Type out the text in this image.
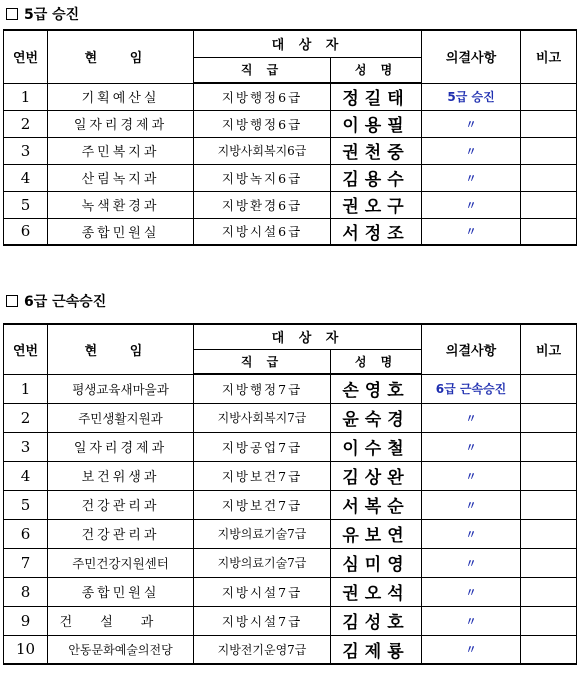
5급 승진
연번	현 임	대 상 자		의결사항	비고
		직 급	성 명		
1	기획예산실	지방행정6급	정길태	5급 승진	
2	일자리경제과	지방행정6급	이용필	〃	
3	주민복지과	지방사회복지6급	권천중	〃	
4	산림녹지과	지방녹지6급	김용수	〃	
5	녹색환경과	지방환경6급	권오구	〃	
6	종합민원실	지방시설6급	서정조	〃	
6급 근속승진
연번	현 임	대 상 자		의결사항	비고
		직 급	성 명		
1	평생교육새마을과	지방행정7급	손영호	6급 근속승진	
2	주민생활지원과	지방사회복지7급	윤숙경	〃	
3	일자리경제과	지방공업7급	이수철	〃	
4	보건위생과	지방보건7급	김상완	〃	
5	건강관리과	지방보건7급	서복순	〃	
6	건강관리과	지방의료기술7급	유보연	〃	
7	주민건강지원센터	지방의료기술7급	심미영	〃	
8	종합민원실	지방시설7급	권오석	〃	
9	건설과	지방시설7급	김성호	〃	
10	안동문화예술의전당	지방전기운영7급	김제룡	〃	
